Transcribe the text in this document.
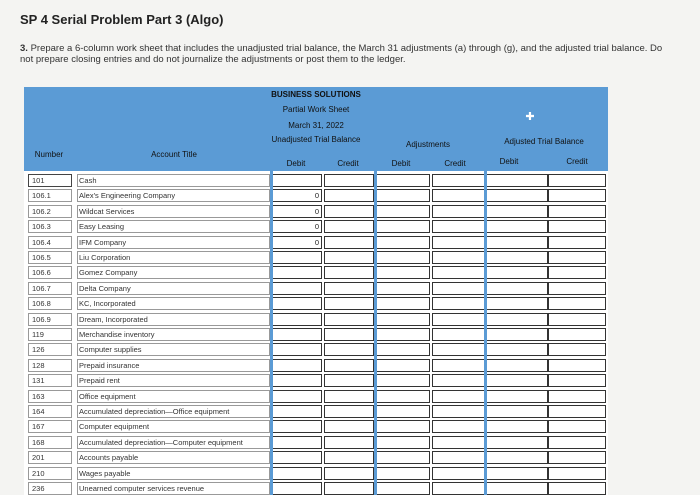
SP 4 Serial Problem Part 3 (Algo)
3. Prepare a 6-column work sheet that includes the unadjusted trial balance, the March 31 adjustments (a) through (g), and the adjusted trial balance. Do not prepare closing entries and do not journalize the adjustments or post them to the ledger.
BUSINESS SOLUTIONS
Partial Work Sheet
March 31, 2022
Unadjusted Trial Balance
Adjustments	Adjusted Trial Balance
✚
Number	Account Title
Debit	Credit	Debit	Credit	Debit	Credit
101	Cash
106.1	Alex's Engineering Company	0
106.2	Wildcat Services	0
106.3	Easy Leasing	0
106.4	IFM Company	0
106.5	Liu Corporation
106.6	Gomez Company
106.7	Delta Company
106.8	KC, Incorporated
106.9	Dream, Incorporated
119	Merchandise inventory
126	Computer supplies
128	Prepaid insurance
131	Prepaid rent
163	Office equipment
164	Accumulated depreciation—Office equipment
167	Computer equipment
168	Accumulated depreciation—Computer equipment
201	Accounts payable
210	Wages payable
236	Unearned computer services revenue
